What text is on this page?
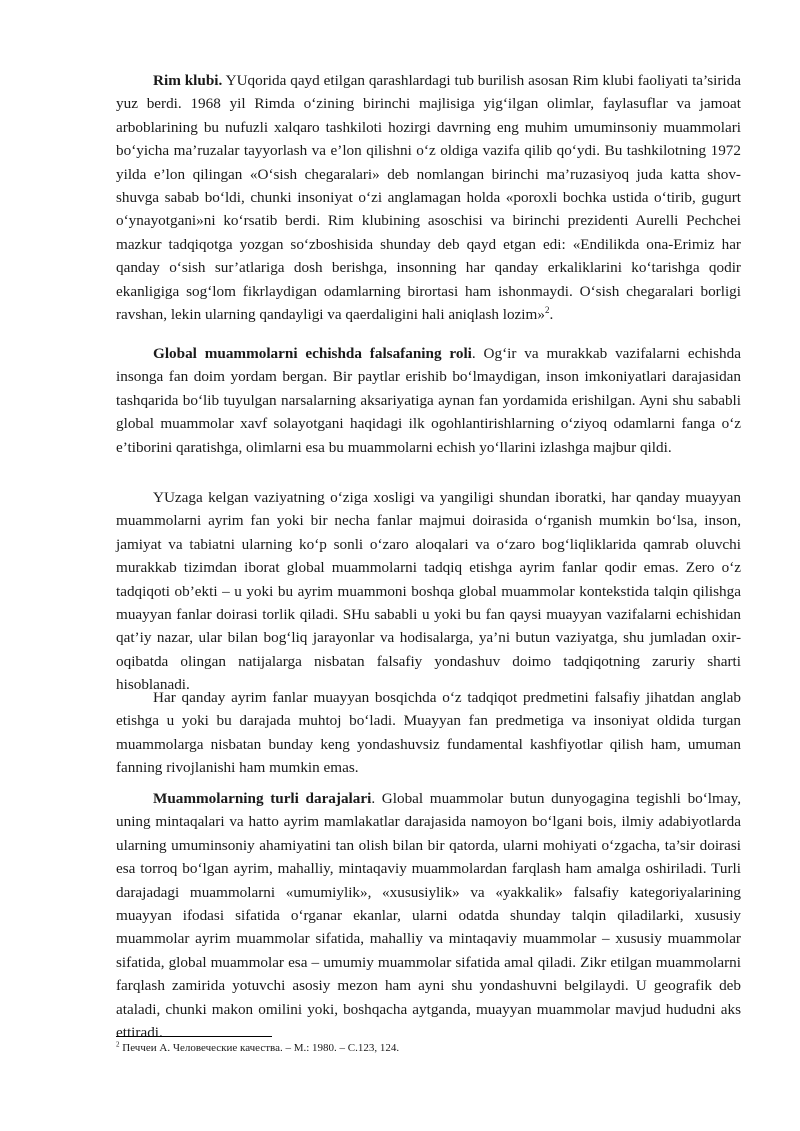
Rim klubi. YUqorida qayd etilgan qarashlardagi tub burilish asosan Rim klubi faoliyati ta’sirida yuz berdi. 1968 yil Rimda o‘zining birinchi majlisiga yig‘ilgan olimlar, faylasuflar va jamoat arboblarining bu nufuzli xalqaro tashkiloti hozirgi davrning eng muhim umuminsoniy muammolari bo‘yicha ma’ruzalar tayyorlash va e’lon qilishni o‘z oldiga vazifa qilib qo‘ydi. Bu tashkilotning 1972 yilda e’lon qilingan «O‘sish chegaralari» deb nomlangan birinchi ma’ruzasiyoq juda katta shov-shuvga sabab bo‘ldi, chunki insoniyat o‘zi anglamagan holda «poroxli bochka ustida o‘tirib, gugurt o‘ynayotgani»ni ko‘rsatib berdi. Rim klubining asoschisi va birinchi prezidenti Aurelli Pechchei mazkur tadqiqotga yozgan so‘zboshisida shunday deb qayd etgan edi: «Endilikda ona-Erimiz har qanday o‘sish sur’atlariga dosh berishga, insonning har qanday erkaliklarini ko‘tarishga qodir ekanligiga sog‘lom fikrlaydigan odamlarning birortasi ham ishonmaydi. O‘sish chegaralari borligi ravshan, lekin ularning qandayligi va qaerdaligini hali aniqlash lozim»$^2$.

Global muammolarni echishda falsafaning roli. Og‘ir va murakkab vazifalarni echishda insonga fan doim yordam bergan. Bir paytlar erishib bo‘lmaydigan, inson imkoniyatlari darajasidan tashqarida bo‘lib tuyulgan narsalarning aksariyatiga aynan fan yordamida erishilgan. Ayni shu sababli global muammolar xavf solayotgani haqidagi ilk ogohlantirishlarning o‘ziyoq odamlarni fanga o‘z e’tiborini qaratishga, olimlarni esa bu muammolarni echish yo‘llarini izlashga majbur qildi.

YUzaga kelgan vaziyatning o‘ziga xosligi va yangiligi shundan iboratki, har qanday muayyan muammolarni ayrim fan yoki bir necha fanlar majmui doirasida o‘rganish mumkin bo‘lsa, inson, jamiyat va tabiatni ularning ko‘p sonli o‘zaro aloqalari va o‘zaro bog‘liqliklarida qamrab oluvchi murakkab tizimdan iborat global muammolarni tadqiq etishga ayrim fanlar qodir emas. Zero o‘z tadqiqoti ob’ekti – u yoki bu ayrim muammoni boshqa global muammolar kontekstida talqin qilishga muayyan fanlar doirasi torlik qiladi. SHu sababli u yoki bu fan qaysi muayyan vazifalarni echishidan qat’iy nazar, ular bilan bog‘liq jarayonlar va hodisalarga, ya’ni butun vaziyatga, shu jumladan oxir-oqibatda olingan natijalarga nisbatan falsafiy yondashuv doimo tadqiqotning zaruriy sharti hisoblanadi.

Har qanday ayrim fanlar muayyan bosqichda o‘z tadqiqot predmetini falsafiy jihatdan anglab etishga u yoki bu darajada muhtoj bo‘ladi. Muayyan fan predmetiga va insoniyat oldida turgan muammolarga nisbatan bunday keng yondashuvsiz fundamental kashfiyotlar qilish ham, umuman fanning rivojlanishi ham mumkin emas.

Muammolarning turli darajalari. Global muammolar butun dunyogagina tegishli bo‘lmay, uning mintaqalari va hatto ayrim mamlakatlar darajasida namoyon bo‘lgani bois, ilmiy adabiyotlarda ularning umuminsoniy ahamiyatini tan olish bilan bir qatorda, ularni mohiyati o‘zgacha, ta’sir doirasi esa torroq bo‘lgan ayrim, mahalliy, mintaqaviy muammolardan farqlash ham amalga oshiriladi. Turli darajadagi muammolarni «umumiylik», «xususiylik» va «yakkalik» falsafiy kategoriyalarining muayyan ifodasi sifatida o‘rganar ekanlar, ularni odatda shunday talqin qiladilarki, xususiy muammolar ayrim muammolar sifatida, mahalliy va mintaqaviy muammolar – xususiy muammolar sifatida, global muammolar esa – umumiy muammolar sifatida amal qiladi. Zikr etilgan muammolarni farqlash zamirida yotuvchi asosiy mezon ham ayni shu yondashuvni belgilaydi. U geografik deb ataladi, chunki makon omilini yoki, boshqacha aytganda, muayyan muammolar mavjud hududni aks ettiradi.

$^2$ Печчеи А. Человеческие качества. – М.: 1980. – С.123, 124.
